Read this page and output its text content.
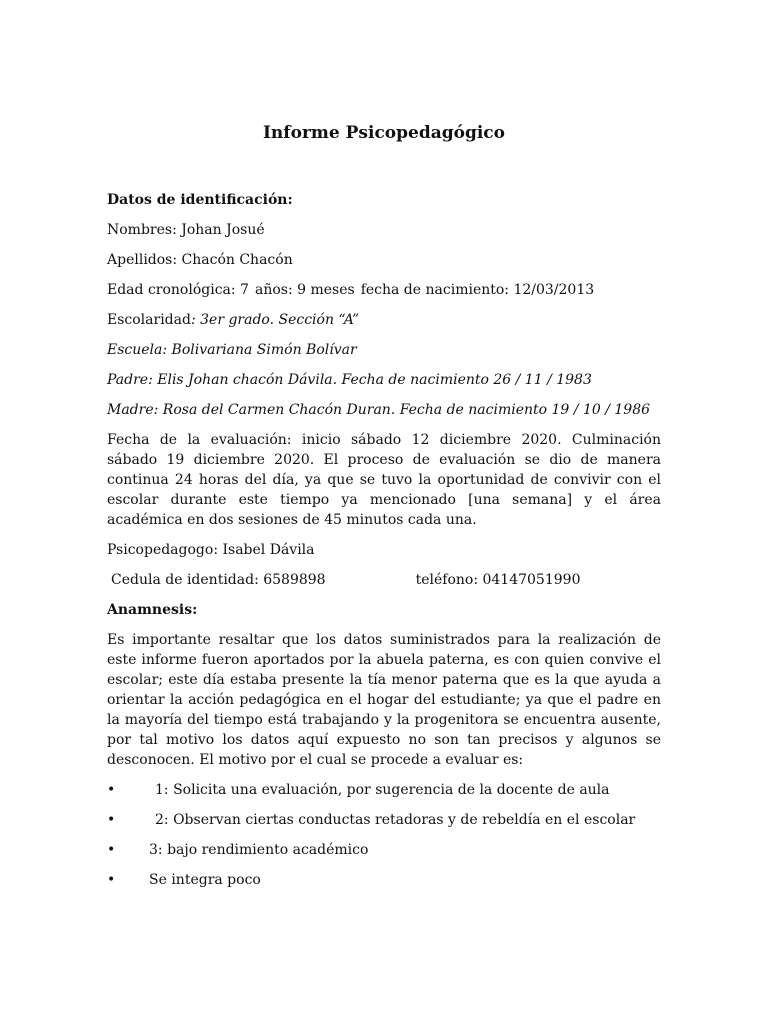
Informe Psicopedagógico
Datos de identificación:
Nombres: Johan Josué
Apellidos: Chacón Chacón
Edad cronológica: 7 años: 9 meses fecha de nacimiento: 12/03/2013
Escolaridad: 3er grado. Sección “A”
Escuela: Bolivariana Simón Bolívar
Padre: Elis Johan chacón Dávila. Fecha de nacimiento 26 / 11 / 1983
Madre: Rosa del Carmen Chacón Duran. Fecha de nacimiento 19 / 10 / 1986
Fecha de la evaluación: inicio sábado 12 diciembre 2020. Culminación sábado 19 diciembre 2020. El proceso de evaluación se dio de manera continua 24 horas del día, ya que se tuvo la oportunidad de convivir con el escolar durante este tiempo ya mencionado [una semana] y el área académica en dos sesiones de 45 minutos cada una.
Psicopedagogo: Isabel Dávila
Cedula de identidad: 6589898	teléfono: 04147051990
Anamnesis:
Es importante resaltar que los datos suministrados para la realización de este informe fueron aportados por la abuela paterna, es con quien convive el escolar; este día estaba presente la tía menor paterna que es la que ayuda a orientar la acción pedagógica en el hogar del estudiante; ya que el padre en la mayoría del tiempo está trabajando y la progenitora se encuentra ausente, por tal motivo los datos aquí expuesto no son tan precisos y algunos se desconocen. El motivo por el cual se procede a evaluar es:
•	1: Solicita una evaluación, por sugerencia de la docente de aula
•	2: Observan ciertas conductas retadoras y de rebeldía en el escolar
• 3: bajo rendimiento académico
• Se integra poco
